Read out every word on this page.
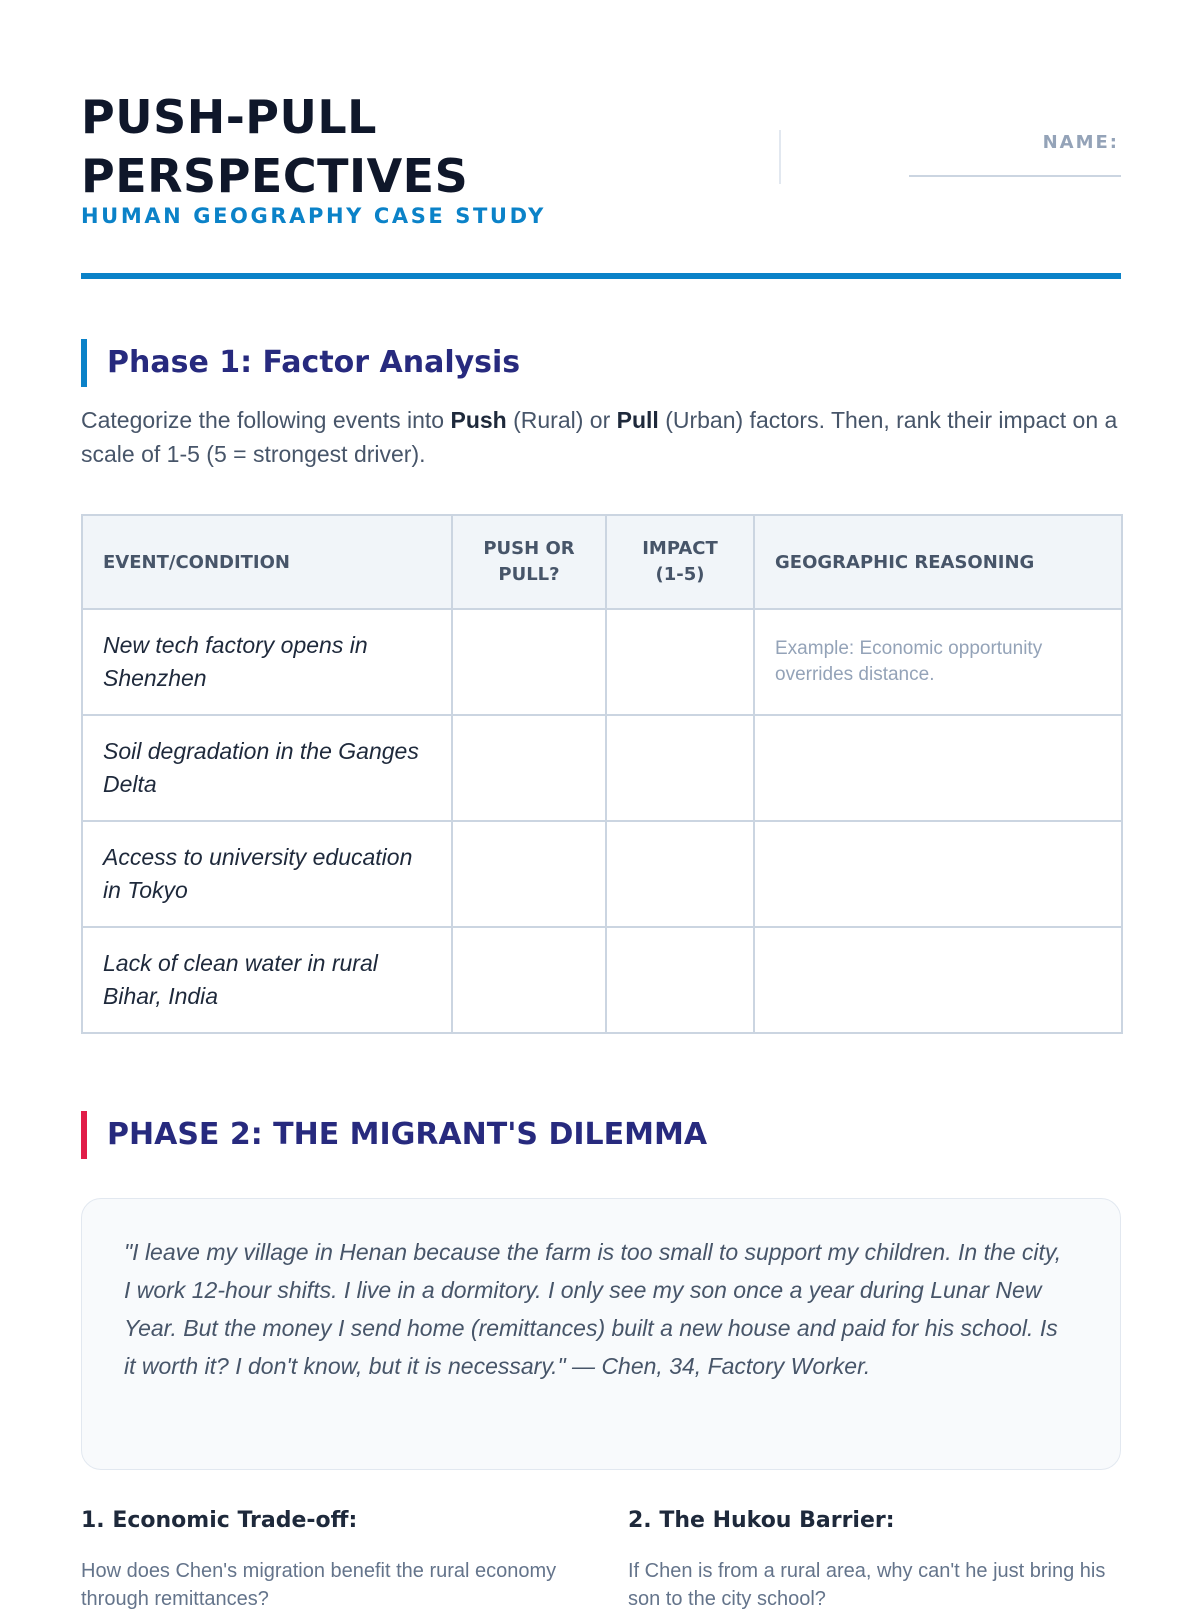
PUSH-PULL
PERSPECTIVES
HUMAN GEOGRAPHY CASE STUDY
NAME:
Phase 1: Factor Analysis

Categorize the following events into Push (Rural) or Pull (Urban) factors. Then, rank their impact on a scale of 1-5 (5 = strongest driver).

EVENT/CONDITION	PUSH OR PULL?	IMPACT (1-5)	GEOGRAPHIC REASONING
New tech factory opens in Shenzhen			Example: Economic opportunity overrides distance.
Soil degradation in the Ganges Delta			
Access to university education in Tokyo			
Lack of clean water in rural Bihar, India			
PHASE 2: THE MIGRANT'S DILEMMA

"I leave my village in Henan because the farm is too small to support my children. In the city, I work 12-hour shifts. I live in a dormitory. I only see my son once a year during Lunar New Year. But the money I send home (remittances) built a new house and paid for his school. Is it worth it? I don't know, but it is necessary." — Chen, 34, Factory Worker.

1. Economic Trade-off:

How does Chen's migration benefit the rural economy through remittances?

2. The Hukou Barrier:

If Chen is from a rural area, why can't he just bring his son to the city school?
